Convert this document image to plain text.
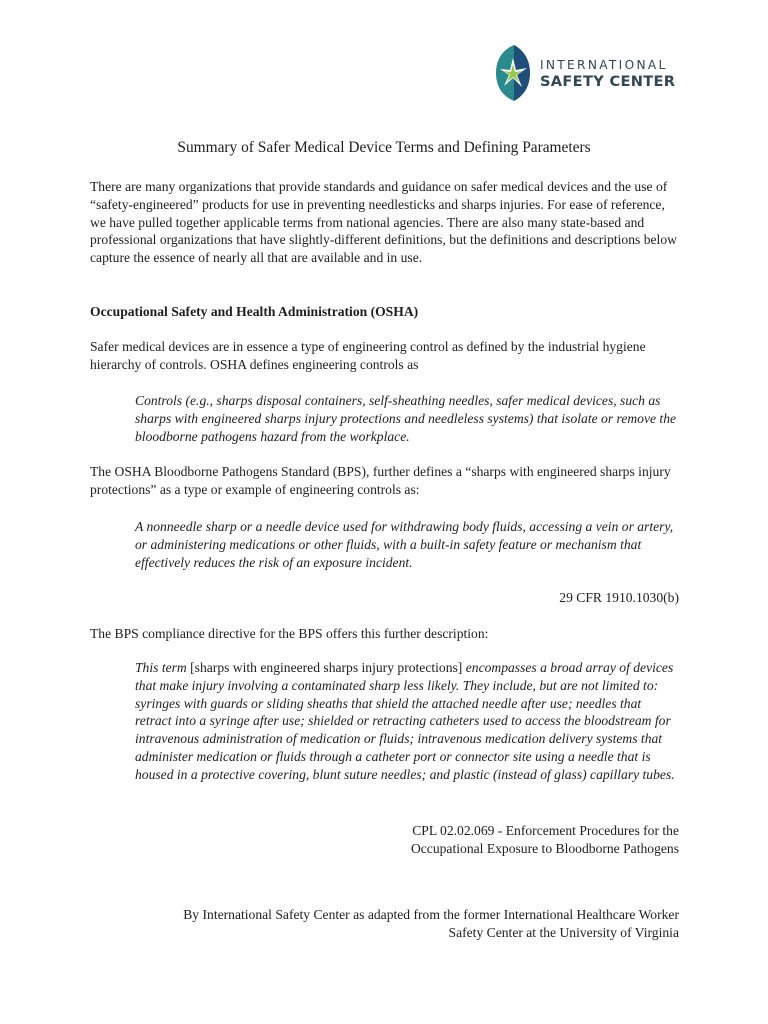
INTERNATIONAL
SAFETY CENTER
Summary of Safer Medical Device Terms and Defining Parameters
There are many organizations that provide standards and guidance on safer medical devices and the use of “safety-engineered” products for use in preventing needlesticks and sharps injuries. For ease of reference, we have pulled together applicable terms from national agencies. There are also many state-based and professional organizations that have slightly-different definitions, but the definitions and descriptions below capture the essence of nearly all that are available and in use.
Occupational Safety and Health Administration (OSHA)
Safer medical devices are in essence a type of engineering control as defined by the industrial hygiene hierarchy of controls. OSHA defines engineering controls as
Controls (e.g., sharps disposal containers, self-sheathing needles, safer medical devices, such as sharps with engineered sharps injury protections and needleless systems) that isolate or remove the bloodborne pathogens hazard from the workplace.
The OSHA Bloodborne Pathogens Standard (BPS), further defines a “sharps with engineered sharps injury protections” as a type or example of engineering controls as:
A nonneedle sharp or a needle device used for withdrawing body fluids, accessing a vein or artery, or administering medications or other fluids, with a built-in safety feature or mechanism that effectively reduces the risk of an exposure incident.
29 CFR 1910.1030(b)
The BPS compliance directive for the BPS offers this further description:
This term [sharps with engineered sharps injury protections] encompasses a broad array of devices that make injury involving a contaminated sharp less likely. They include, but are not limited to: syringes with guards or sliding sheaths that shield the attached needle after use; needles that retract into a syringe after use; shielded or retracting catheters used to access the bloodstream for intravenous administration of medication or fluids; intravenous medication delivery systems that administer medication or fluids through a catheter port or connector site using a needle that is housed in a protective covering, blunt suture needles; and plastic (instead of glass) capillary tubes.
CPL 02.02.069 - Enforcement Procedures for the
Occupational Exposure to Bloodborne Pathogens
By International Safety Center as adapted from the former International Healthcare Worker
Safety Center at the University of Virginia
